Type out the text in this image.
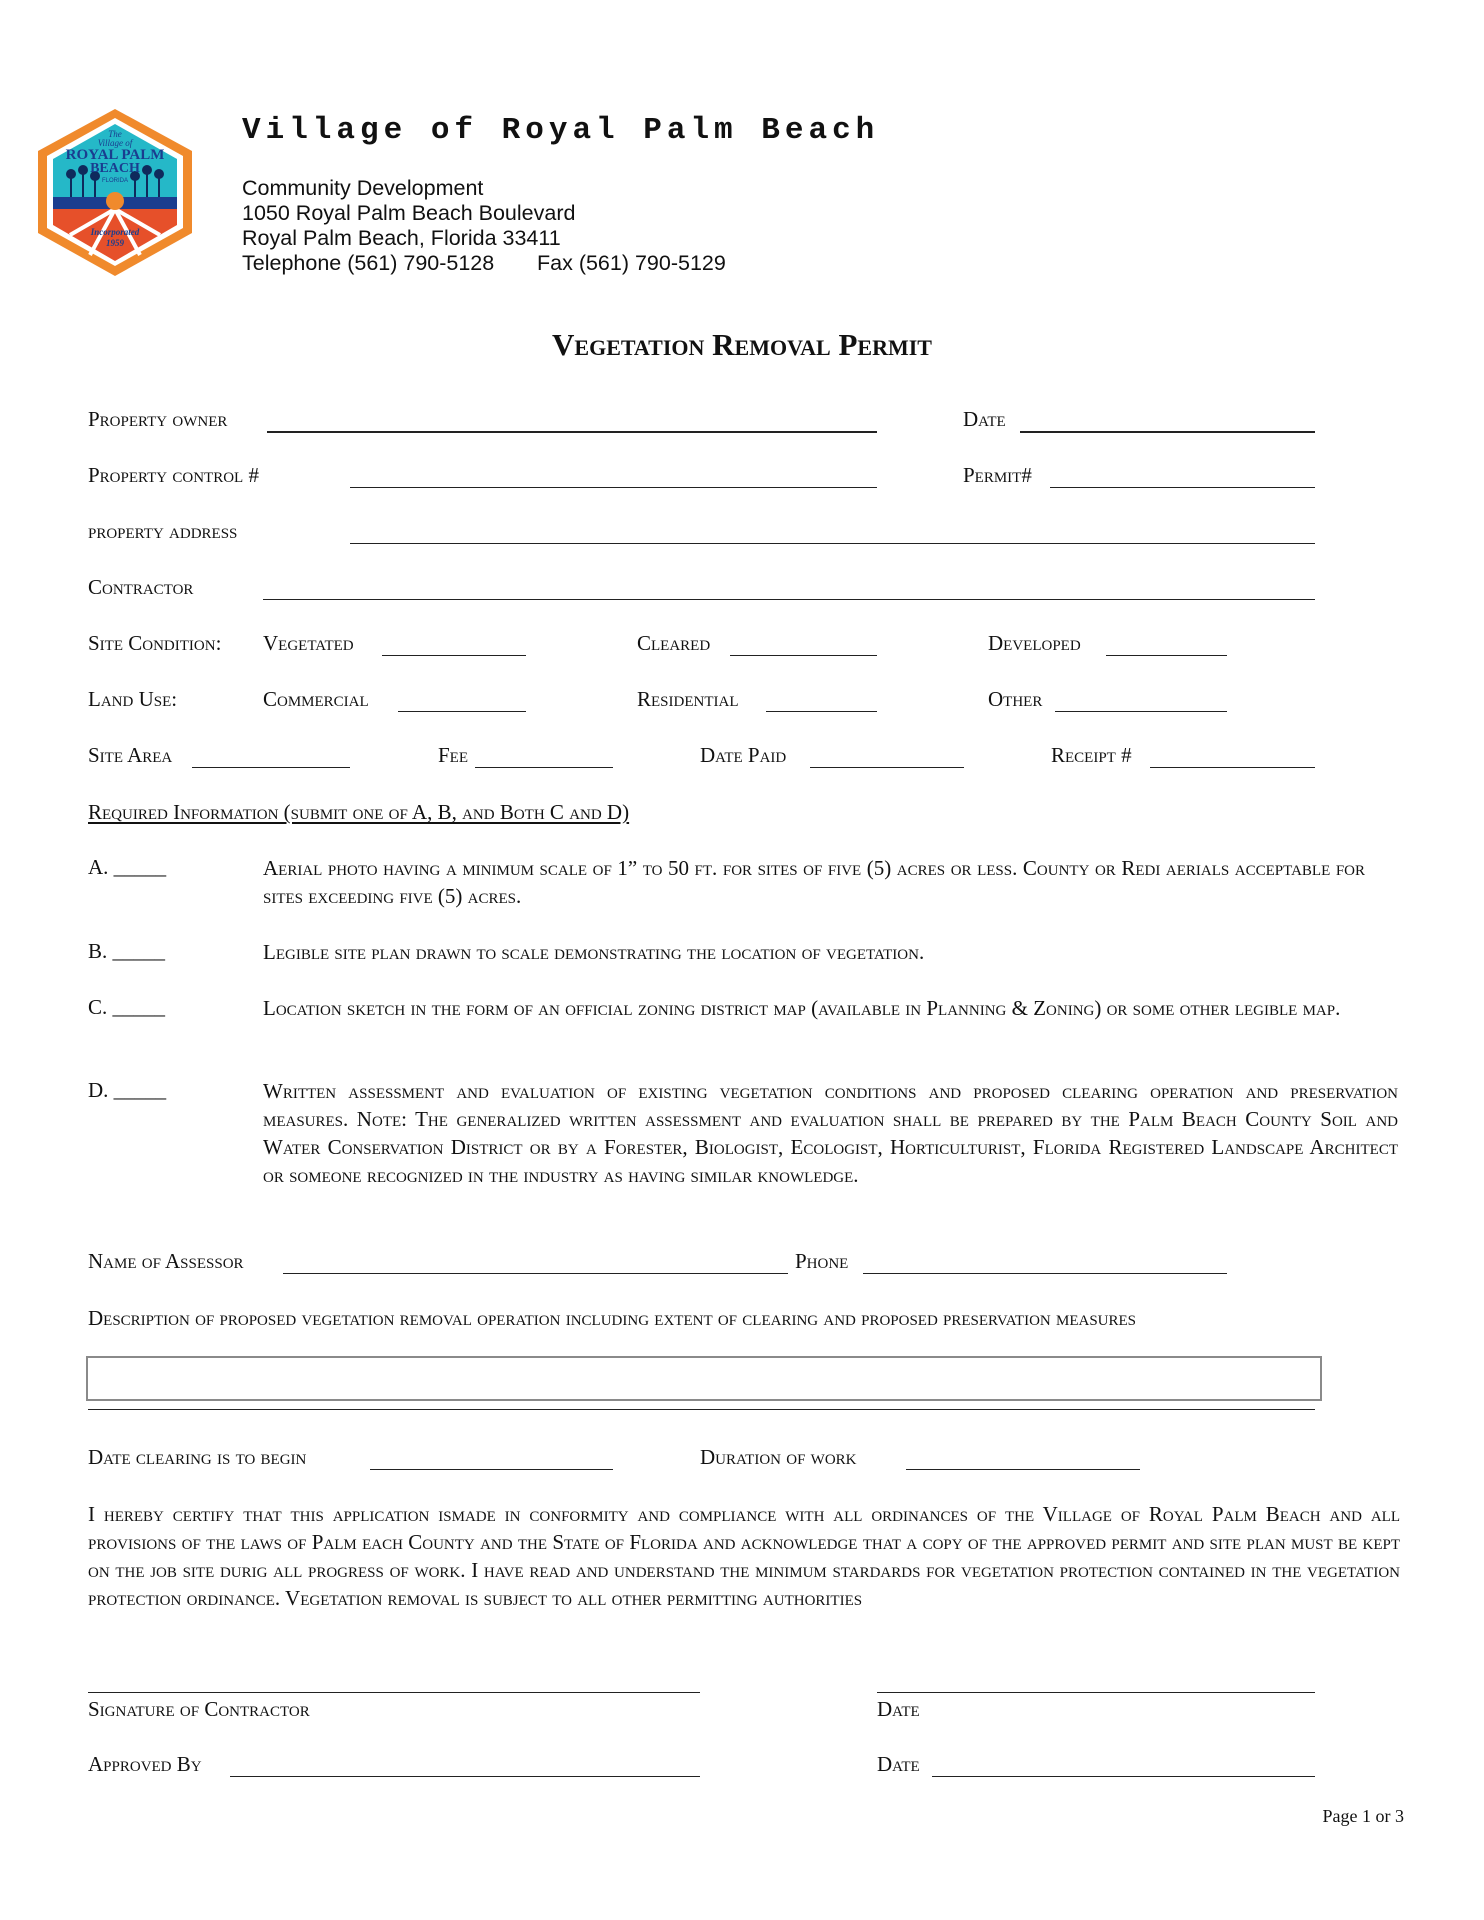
The
Village of
ROYAL PALM
BEACH
FLORIDA
Incorporated
1959
Village of Royal Palm Beach
Community Development
1050 Royal Palm Beach Boulevard
Royal Palm Beach, Florida 33411
Telephone (561) 790-5128 Fax (561) 790-5129
Vegetation Removal Permit
Property owner	Date
Property control #	Permit#
property address
Contractor
Site Condition: Vegetated	Cleared	Developed
Land Use:	Commercial	Residential	Other
Site Area	Fee	Date Paid	Receipt #
Required Information (submit one of A, B, and Both C and D)
A. _____	Aerial photo having a minimum scale of 1” to 50 ft. for sites of five (5) acres or less. County or Redi aerials acceptable for sites exceeding five (5) acres.
B. _____	Legible site plan drawn to scale demonstrating the location of vegetation.
C. _____	Location sketch in the form of an official zoning district map (available in Planning & Zoning) or some other legible map.
D. _____	Written assessment and evaluation of existing vegetation conditions and proposed clearing operation and preservation measures. Note: The generalized written assessment and evaluation shall be prepared by the Palm Beach County Soil and Water Conservation District or by a Forester, Biologist, Ecologist, Horticulturist, Florida Registered Landscape Architect or someone recognized in the industry as having similar knowledge.
Name of Assessor	Phone
Description of proposed vegetation removal operation including extent of clearing and proposed preservation measures
Date clearing is to begin	Duration of work
I hereby certify that this application ismade in conformity and compliance with all ordinances of the Village of Royal Palm Beach and all provisions of the laws of Palm each County and the State of Florida and acknowledge that a copy of the approved permit and site plan must be kept on the job site durig all progress of work. I have read and understand the minimum stardards for vegetation protection contained in the vegetation protection ordinance. Vegetation removal is subject to all other permitting authorities
Signature of Contractor	Date
Approved By	Date
Page 1 or 3
